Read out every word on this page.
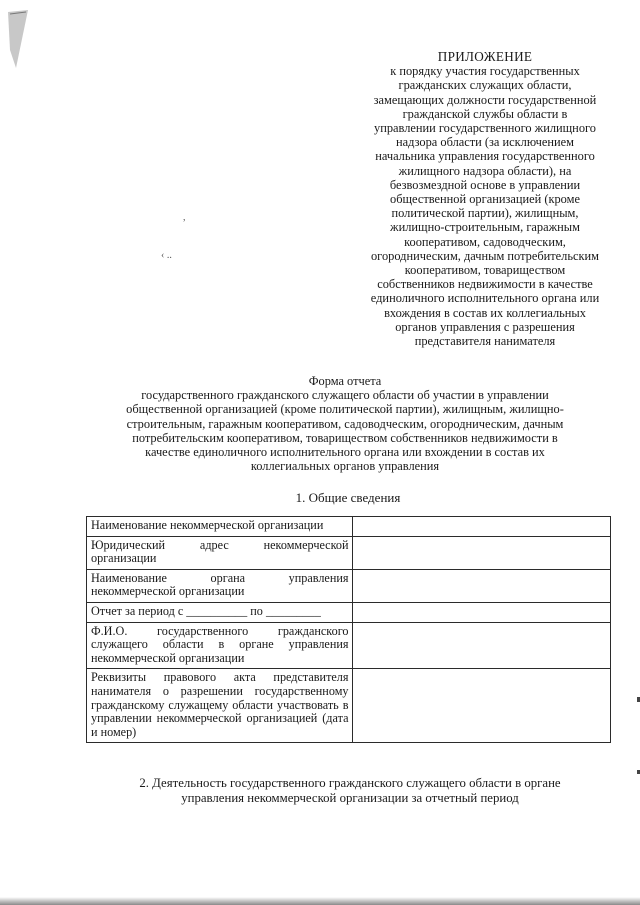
,
‹ ..
ПРИЛОЖЕНИЕ
к порядку участия государственных
гражданских служащих области,
замещающих должности государственной
гражданской службы области в
управлении государственного жилищного
надзора области (за исключением
начальника управления государственного
жилищного надзора области), на
безвозмездной основе в управлении
общественной организацией (кроме
политической партии), жилищным,
жилищно-строительным, гаражным
кооперативом, садоводческим,
огородническим, дачным потребительским
кооперативом, товариществом
собственников недвижимости в качестве
единоличного исполнительного органа или
вхождения в состав их коллегиальных
органов управления с разрешения
представителя нанимателя
Форма отчета
государственного гражданского служащего области об участии в управлении
общественной организацией (кроме политической партии), жилищным, жилищно-
строительным, гаражным кооперативом, садоводческим, огородническим, дачным
потребительским кооперативом, товариществом собственников недвижимости в
качестве единоличного исполнительного органа или вхождении в состав их
коллегиальных органов управления
1. Общие сведения
Наименование некоммерческой организации	
Юридический адрес некоммерческой организации	
Наименование органа управления некоммерческой организации	
Отчет за период с __________ по _________	
Ф.И.О. государственного гражданского служащего области в органе управления некоммерческой организации	
Реквизиты правового акта представителя нанимателя о разрешении государственному гражданскому служащему области участвовать в управлении некоммерческой организацией (дата и номер)	
2. Деятельность государственного гражданского служащего области в органе
управления некоммерческой организации за отчетный период
